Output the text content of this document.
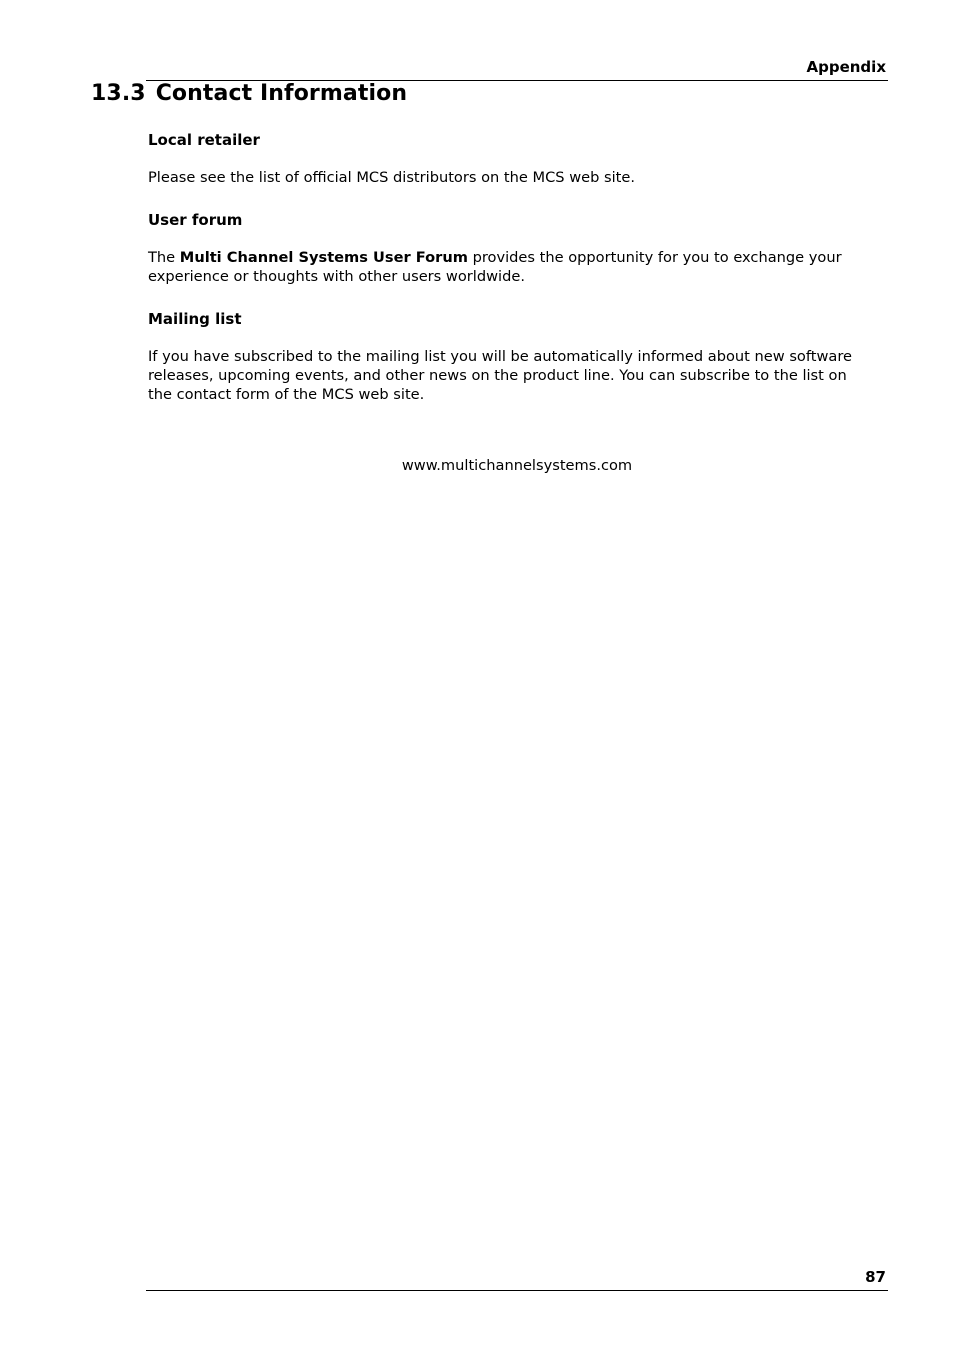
Appendix
13.3 Contact Information
Local retailer
Please see the list of official MCS distributors on the MCS web site.
User forum
The Multi Channel Systems User Forum provides the opportunity for you to exchange your
experience or thoughts with other users worldwide.
Mailing list
If you have subscribed to the mailing list you will be automatically informed about new software
releases, upcoming events, and other news on the product line. You can subscribe to the list on
the contact form of the MCS web site.
www.multichannelsystems.com
87
